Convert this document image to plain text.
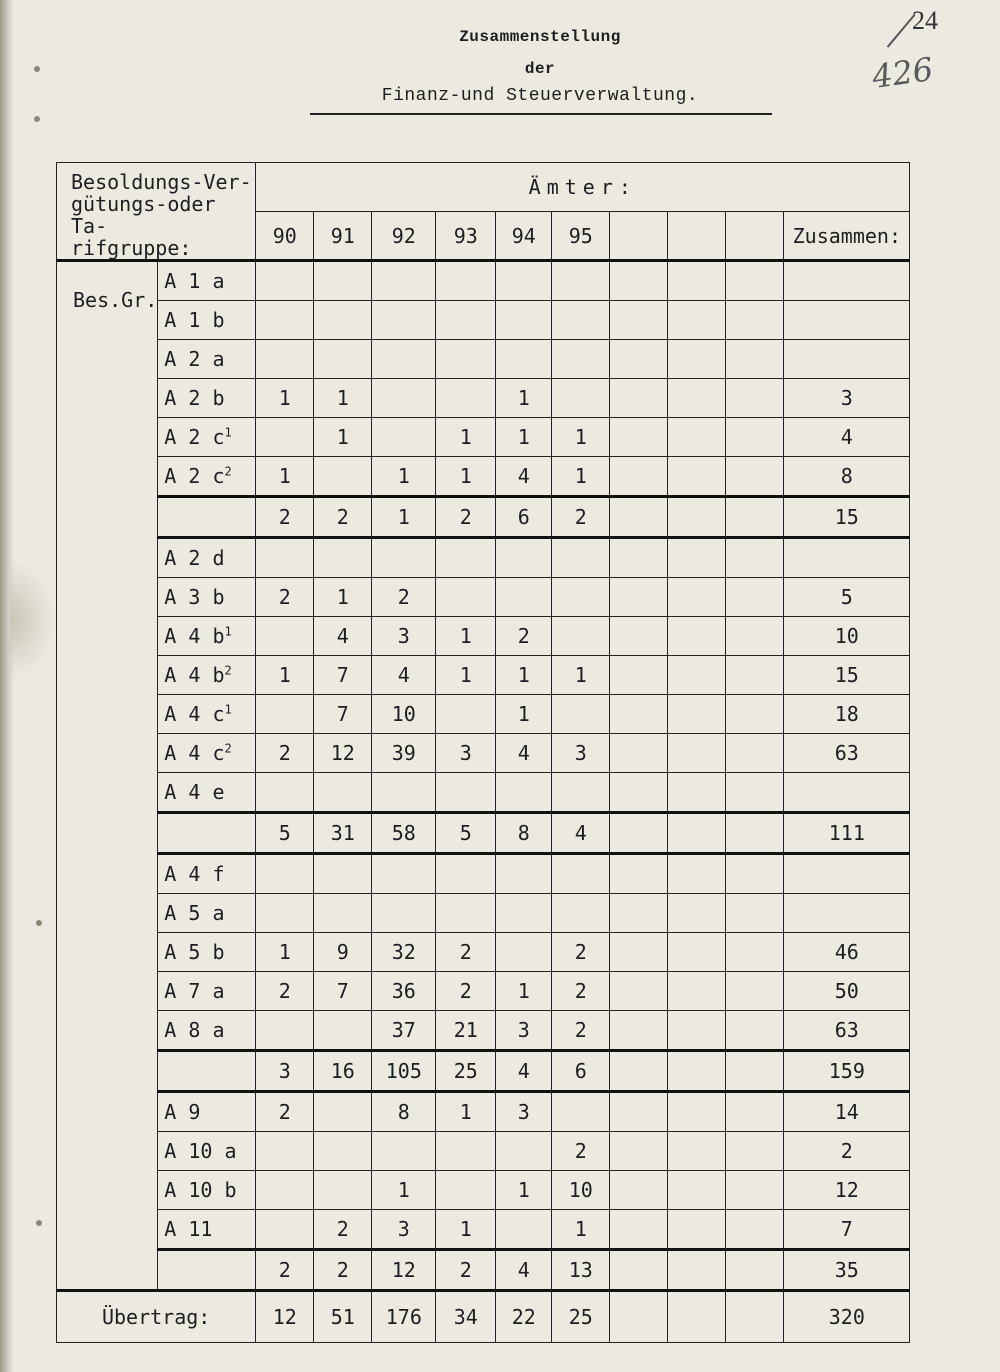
Zusammenstellung
der
Finanz-und Steuerverwaltung.
24
426
Besoldungs-Ver-
gütungs-oder Ta-
rifgruppe:		Ämter:									
		90	91	92	93	94	95				Zusammen:
Bes.Gr.	A 1 a										
	A 1 b										
	A 2 a										
	A 2 b	1	1			1					3
	A 2 $c^1$		1		1	1	1				4
	A 2 $c^2$	1		1	1	4	1				8
		2	2	1	2	6	2				15
	A 2 d										
	A 3 b	2	1	2							5
	A 4 $b^1$		4	3	1	2					10
	A 4 $b^2$	1	7	4	1	1	1				15
	A 4 $c^1$		7	10		1					18
	A 4 $c^2$	2	12	39	3	4	3				63
	A 4 e										
		5	31	58	5	8	4				111
	A 4 f										
	A 5 a										
	A 5 b	1	9	32	2		2				46
	A 7 a	2	7	36	2	1	2				50
	A 8 a			37	21	3	2				63
		3	16	105	25	4	6				159
	A 9	2		8	1	3					14
	A 10 a						2				2
	A 10 b			1		1	10				12
	A 11		2	3	1		1				7
		2	2	12	2	4	13				35
Übertrag:		12	51	176	34	22	25				320
